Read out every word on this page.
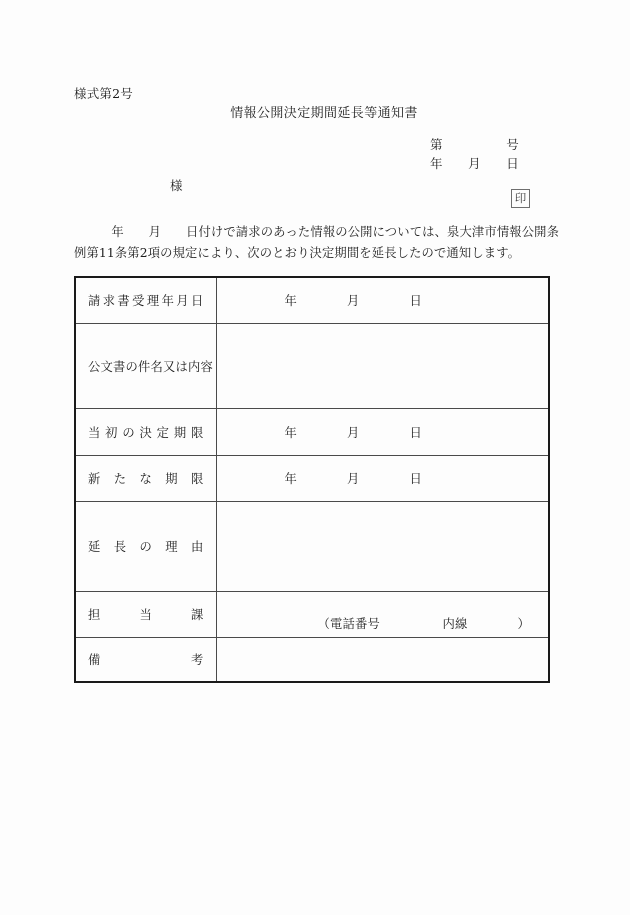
様式第2号
情報公開決定期間延長等通知書
第　　　　　号
年　　月　　日
様
印
　　　年　　月　　日付けで請求のあった情報の公開については、泉大津市情報公開条
例第11条第2項の規定により、次のとおり決定期間を延長したので通知します。
請求書受理年月日	年　　　　月　　　　日

公文書の件名又は内容	

当初の決定期限	年　　　　月　　　　日

新たな期限	年　　　　月　　　　日

延長の理由	

担当課	（電話番号　　　　　内線　　　　）

備考	
